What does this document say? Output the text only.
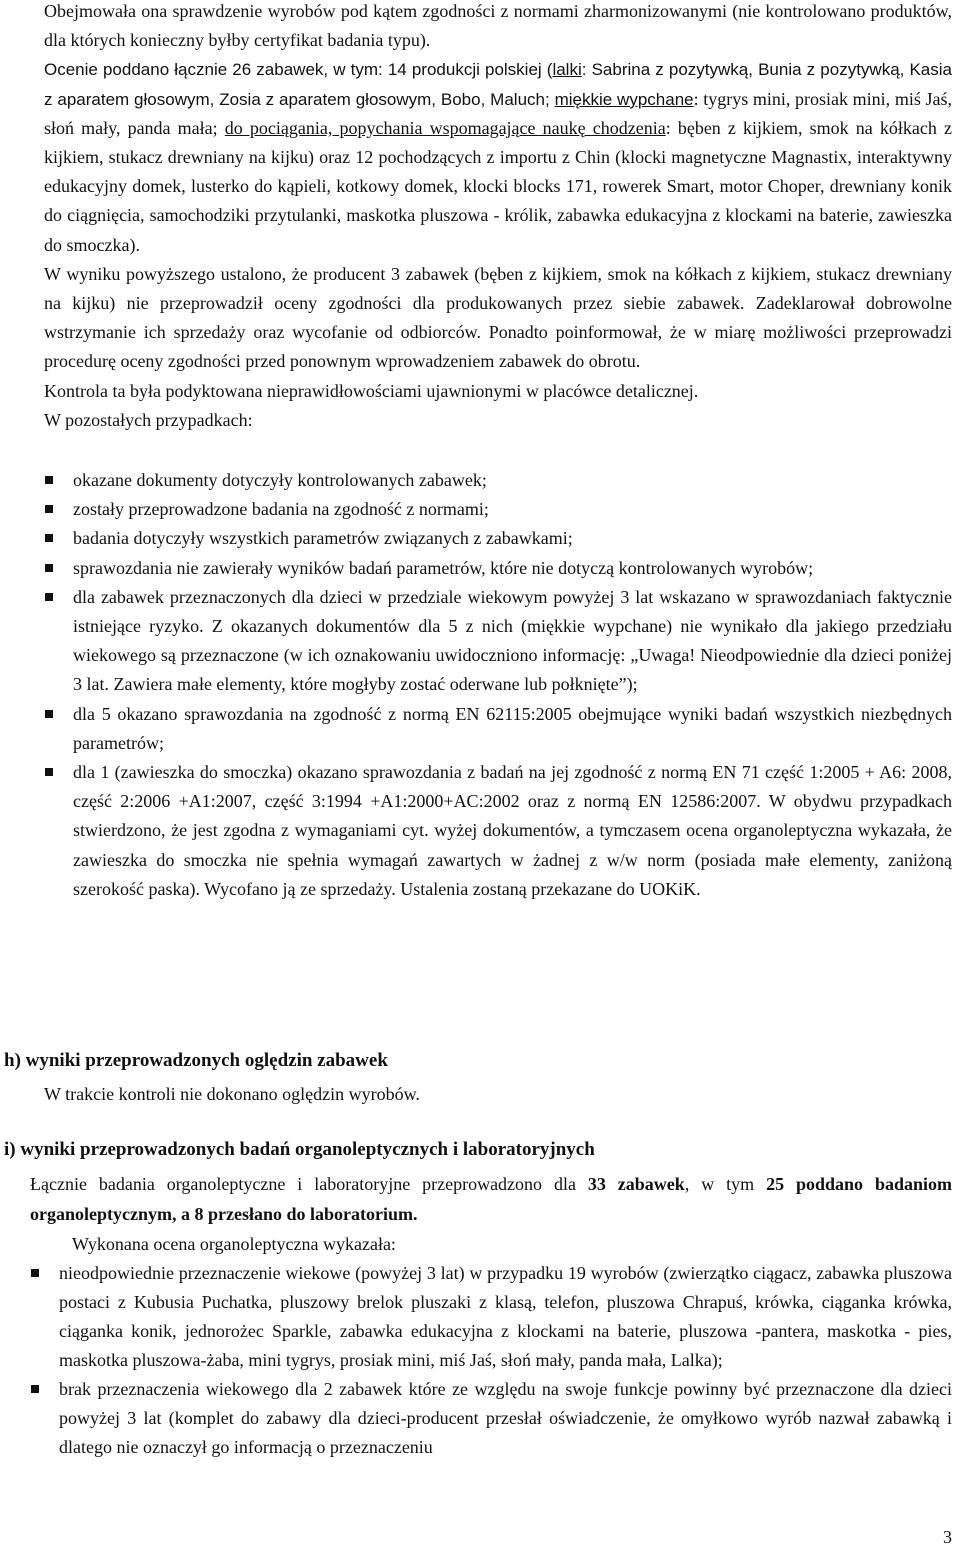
Obejmowała ona sprawdzenie wyrobów pod kątem zgodności z normami zharmonizowanymi (nie kontrolowano produktów, dla których konieczny byłby certyfikat badania typu).

Ocenie poddano łącznie 26 zabawek, w tym: 14 produkcji polskiej (lalki: Sabrina z pozytywką, Bunia z pozytywką, Kasia z aparatem głosowym, Zosia z aparatem głosowym, Bobo, Maluch; miękkie wypchane: tygrys mini, prosiak mini, miś Jaś, słoń mały, panda mała; do pociągania, popychania wspomagające naukę chodzenia: bęben z kijkiem, smok na kółkach z kijkiem, stukacz drewniany na kijku) oraz 12 pochodzących z importu z Chin (klocki magnetyczne Magnastix, interaktywny edukacyjny domek, lusterko do kąpieli, kotkowy domek, klocki blocks 171, rowerek Smart, motor Choper, drewniany konik do ciągnięcia, samochodziki przytulanki, maskotka pluszowa - królik, zabawka edukacyjna z klockami na baterie, zawieszka do smoczka).

W wyniku powyższego ustalono, że producent 3 zabawek (bęben z kijkiem, smok na kółkach z kijkiem, stukacz drewniany na kijku) nie przeprowadził oceny zgodności dla produkowanych przez siebie zabawek. Zadeklarował dobrowolne wstrzymanie ich sprzedaży oraz wycofanie od odbiorców. Ponadto poinformował, że w miarę możliwości przeprowadzi procedurę oceny zgodności przed ponownym wprowadzeniem zabawek do obrotu.

Kontrola ta była podyktowana nieprawidłowościami ujawnionymi w placówce detalicznej.

W pozostałych przypadkach:

okazane dokumenty dotyczyły kontrolowanych zabawek;
zostały przeprowadzone badania na zgodność z normami;
badania dotyczyły wszystkich parametrów związanych z zabawkami;
sprawozdania nie zawierały wyników badań parametrów, które nie dotyczą kontrolowanych wyrobów;
dla zabawek przeznaczonych dla dzieci w przedziale wiekowym powyżej 3 lat wskazano w sprawozdaniach faktycznie istniejące ryzyko. Z okazanych dokumentów dla 5 z nich (miękkie wypchane) nie wynikało dla jakiego przedziału wiekowego są przeznaczone (w ich oznakowaniu uwidoczniono informację: „Uwaga! Nieodpowiednie dla dzieci poniżej 3 lat. Zawiera małe elementy, które mogłyby zostać oderwane lub połknięte”);
dla 5 okazano sprawozdania na zgodność z normą EN 62115:2005 obejmujące wyniki badań wszystkich niezbędnych parametrów;
dla 1 (zawieszka do smoczka) okazano sprawozdania z badań na jej zgodność z normą EN 71 część 1:2005 + A6: 2008, część 2:2006 +A1:2007, część 3:1994 +A1:2000+AC:2002 oraz z normą EN 12586:2007. W obydwu przypadkach stwierdzono, że jest zgodna z wymaganiami cyt. wyżej dokumentów, a tymczasem ocena organoleptyczna wykazała, że zawieszka do smoczka nie spełnia wymagań zawartych w żadnej z w/w norm (posiada małe elementy, zaniżoną szerokość paska). Wycofano ją ze sprzedaży. Ustalenia zostaną przekazane do UOKiK.
h) wyniki przeprowadzonych oględzin zabawek
W trakcie kontroli nie dokonano oględzin wyrobów.
i) wyniki przeprowadzonych badań organoleptycznych i laboratoryjnych

Łącznie badania organoleptyczne i laboratoryjne przeprowadzono dla 33 zabawek, w tym 25 poddano badaniom organoleptycznym, a 8 przesłano do laboratorium.

Wykonana ocena organoleptyczna wykazała:

nieodpowiednie przeznaczenie wiekowe (powyżej 3 lat) w przypadku 19 wyrobów (zwierzątko ciągacz, zabawka pluszowa postaci z Kubusia Puchatka, pluszowy brelok pluszaki z klasą, telefon, pluszowa Chrapuś, krówka, ciąganka krówka, ciąganka konik, jednorożec Sparkle, zabawka edukacyjna z klockami na baterie, pluszowa -pantera, maskotka - pies, maskotka pluszowa-żaba, mini tygrys, prosiak mini, miś Jaś, słoń mały, panda mała, Lalka);
brak przeznaczenia wiekowego dla 2 zabawek które ze względu na swoje funkcje powinny być przeznaczone dla dzieci powyżej 3 lat (komplet do zabawy dla dzieci-producent przesłał oświadczenie, że omyłkowo wyrób nazwał zabawką i dlatego nie oznaczył go informacją o przeznaczeniu
3
